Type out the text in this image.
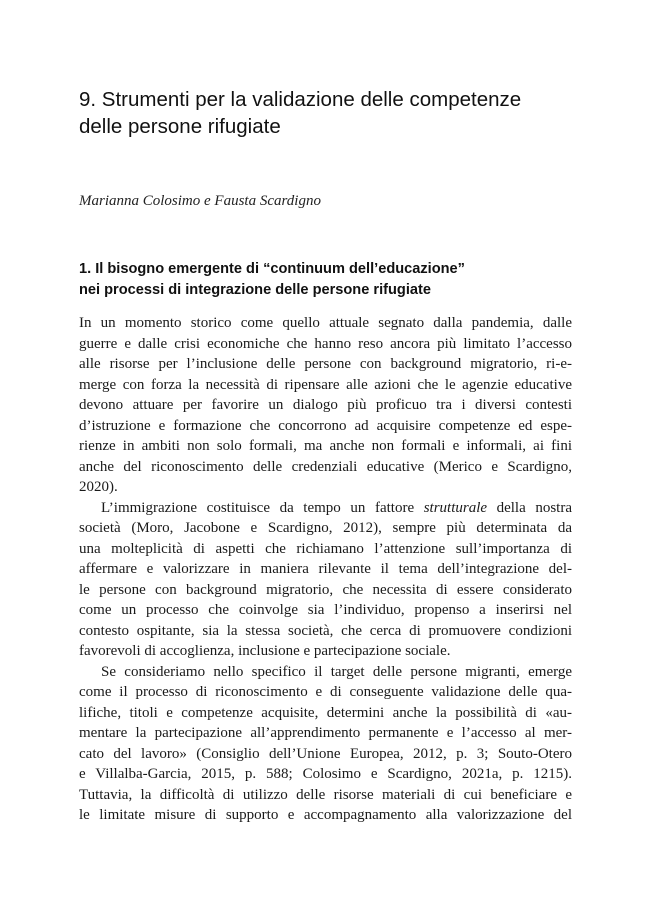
9. Strumenti per la validazione delle competenze
delle persone rifugiate

Marianna Colosimo e Fausta Scardigno

1. Il bisogno emergente di “continuum dell’educazione”
nei processi di integrazione delle persone rifugiate
In un momento storico come quello attuale segnato dalla pandemia, dalle
guerre e dalle crisi economiche che hanno reso ancora più limitato l’accesso
alle risorse per l’inclusione delle persone con background migratorio, ri-e-
merge con forza la necessità di ripensare alle azioni che le agenzie educative
devono attuare per favorire un dialogo più proficuo tra i diversi contesti
d’istruzione e formazione che concorrono ad acquisire competenze ed espe-
rienze in ambiti non solo formali, ma anche non formali e informali, ai fini
anche del riconoscimento delle credenziali educative (Merico e Scardigno,
2020).
L’immigrazione costituisce da tempo un fattore strutturale della nostra
società (Moro, Jacobone e Scardigno, 2012), sempre più determinata da
una molteplicità di aspetti che richiamano l’attenzione sull’importanza di
affermare e valorizzare in maniera rilevante il tema dell’integrazione del-
le persone con background migratorio, che necessita di essere considerato
come un processo che coinvolge sia l’individuo, propenso a inserirsi nel
contesto ospitante, sia la stessa società, che cerca di promuovere condizioni
favorevoli di accoglienza, inclusione e partecipazione sociale.
Se consideriamo nello specifico il target delle persone migranti, emerge
come il processo di riconoscimento e di conseguente validazione delle qua-
lifiche, titoli e competenze acquisite, determini anche la possibilità di «au-
mentare la partecipazione all’apprendimento permanente e l’accesso al mer-
cato del lavoro» (Consiglio dell’Unione Europea, 2012, p. 3; Souto-Otero
e Villalba-Garcia, 2015, p. 588; Colosimo e Scardigno, 2021a, p. 1215).
Tuttavia, la difficoltà di utilizzo delle risorse materiali di cui beneficiare e
le limitate misure di supporto e accompagnamento alla valorizzazione del
